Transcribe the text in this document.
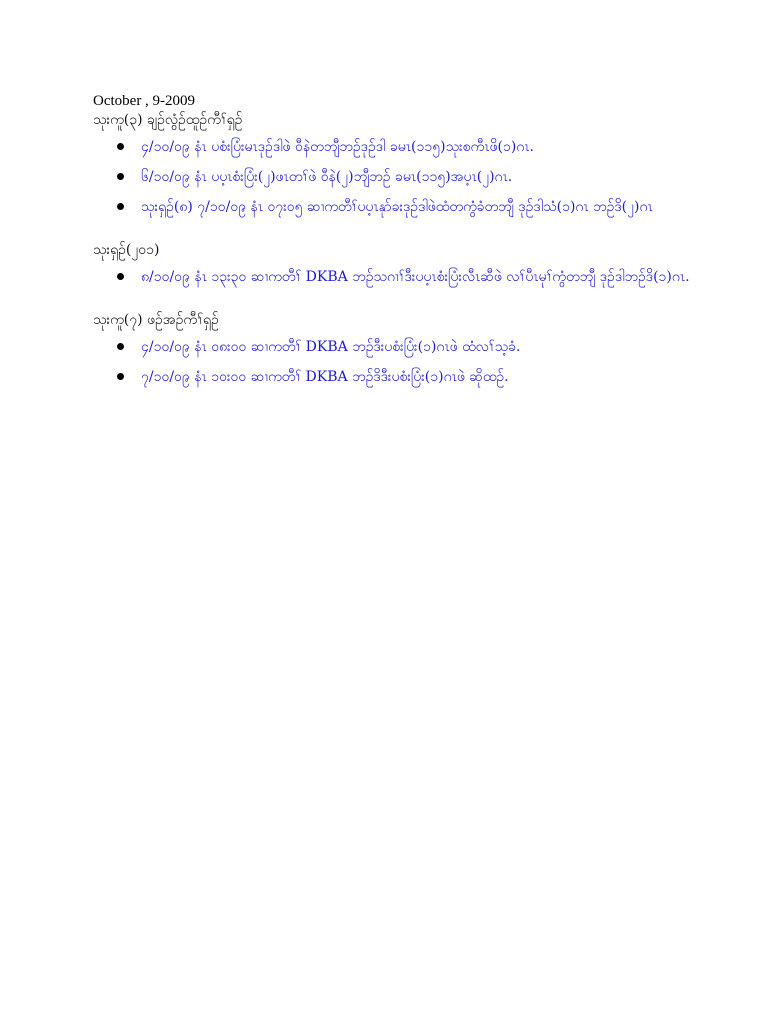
October , 9-2009

သုးကူ(၃) ချဉ်လွံဉ်ထူဉ်ကီၢ်ရှဉ်

၄/၁၀/၀၉ နံၤ ပစံးပြံးမၤဒုဉ်ဒါဖဲ ဝီနဲတဘျီဘဉ်ဒုဉ်ဒါ ခမၤ(၁၁၅)သုးစကီၤဖိ(၁)ဂၤ.
၆/၁၀/၀၉ နံၤ ပပ့ၤစံးပြံး(၂)ဖၤတၢ်ဖဲ ဝီနဲ(၂)ဘျီဘဉ် ခမၤ(၁၁၅)အပ့ၤ(၂)ဂၤ.
သုးရှဉ်(၈) ၇/၁၀/၀၉ နံၤ ၀၇း၀၅ ဆၢကတီၢ်ပပ့ၤနုာ်ခးဒုဉ်ဒါဖဲထံတကွံခံတဘျီ ဒုဉ်ဒါသံ(၁)ဂၤ ဘဉ်ဒိ(၂)ဂၤ

သုးရှဉ်(၂၀၁)

၈/၁၀/၀၉ နံၤ ၁၃း၃၀ ဆၢကတီၢ် DKBA ဘဉ်သဂၢၢ်ဒီးပပ့ၤစံးပြံးလီၤဆီဖဲ လၢ်ပီၤမုၢ်ကွံတဘျီ ဒုဉ်ဒါဘဉ်ဒိ(၁)ဂၤ.

သုးကူ(၇) ဖဉ်အဉ်ကီၢ်ရှဉ်

၄/၁၀/၀၉ နံၤ ၀၈း၀၀ ဆၢကတီၢ် DKBA ဘဉ်ဒီးပစံးပြံး(၁)ဂၤဖဲ ထံလၢ်သ့ခံ.
၇/၁၀/၀၉ နံၤ ၁၀း၀၀ ဆၢကတီၢ် DKBA ဘဉ်ဒိဒီးပစံးပြံး(၁)ဂၤဖဲ ဆိုထဉ်.
